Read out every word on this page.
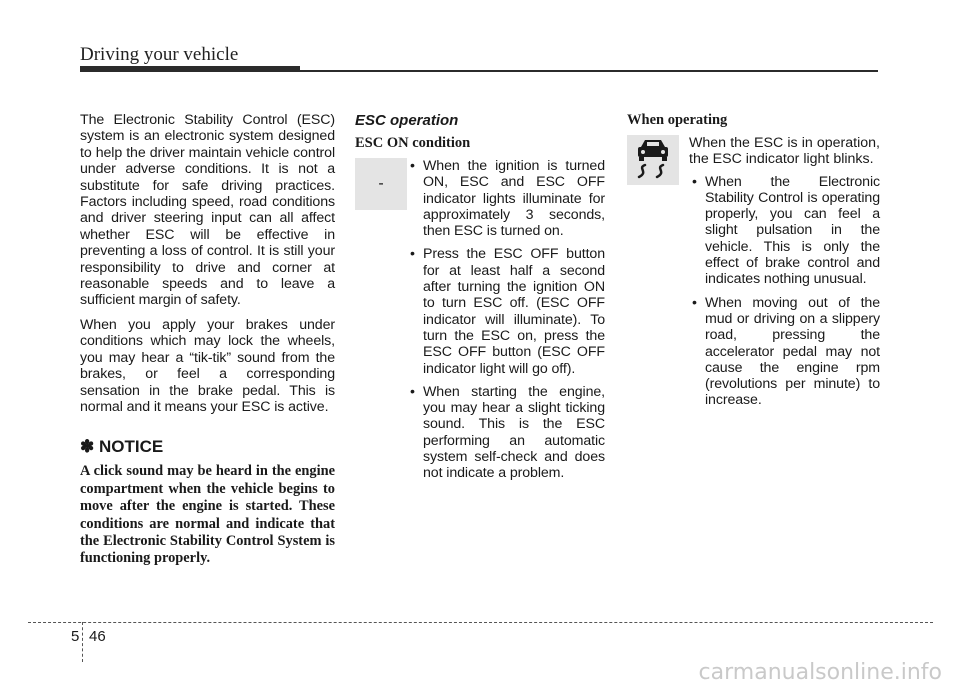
Driving your vehicle

The Electronic Stability Control (ESC) system is an electronic system designed to help the driver maintain vehicle control under adverse conditions. It is not a substitute for safe driving practices. Factors including speed, road conditions and driver steering input can all affect whether ESC will be effective in preventing a loss of control. It is still your responsibility to drive and corner at reasonable speeds and to leave a sufficient margin of safety.

When you apply your brakes under conditions which may lock the wheels, you may hear a “tik-tik” sound from the brakes, or feel a corresponding sensation in the brake pedal. This is normal and it means your ESC is active.

✽ NOTICE

A click sound may be heard in the engine compartment when the vehicle begins to move after the engine is started. These conditions are normal and indicate that the Electronic Stability Control System is functioning properly.

ESC operation
ESC ON condition
-
• When the ignition is turned ON, ESC and ESC OFF indicator lights illuminate for approximately 3 seconds, then ESC is turned on.
• Press the ESC OFF button for at least half a second after turning the ignition ON to turn ESC off. (ESC OFF indicator will illuminate). To turn the ESC on, press the ESC OFF button (ESC OFF indicator light will go off).
• When starting the engine, you may hear a slight ticking sound. This is the ESC performing an automatic system self-check and does not indicate a problem.
When operating

When the ESC is in operation, the ESC indicator light blinks.

• When the Electronic Stability Control is operating properly, you can feel a slight pulsation in the vehicle. This is only the effect of brake control and indicates nothing unusual.
• When moving out of the mud or driving on a slippery road, pressing the accelerator pedal may not cause the engine rpm (revolutions per minute) to increase.
5 46
carmanualsonline.info
